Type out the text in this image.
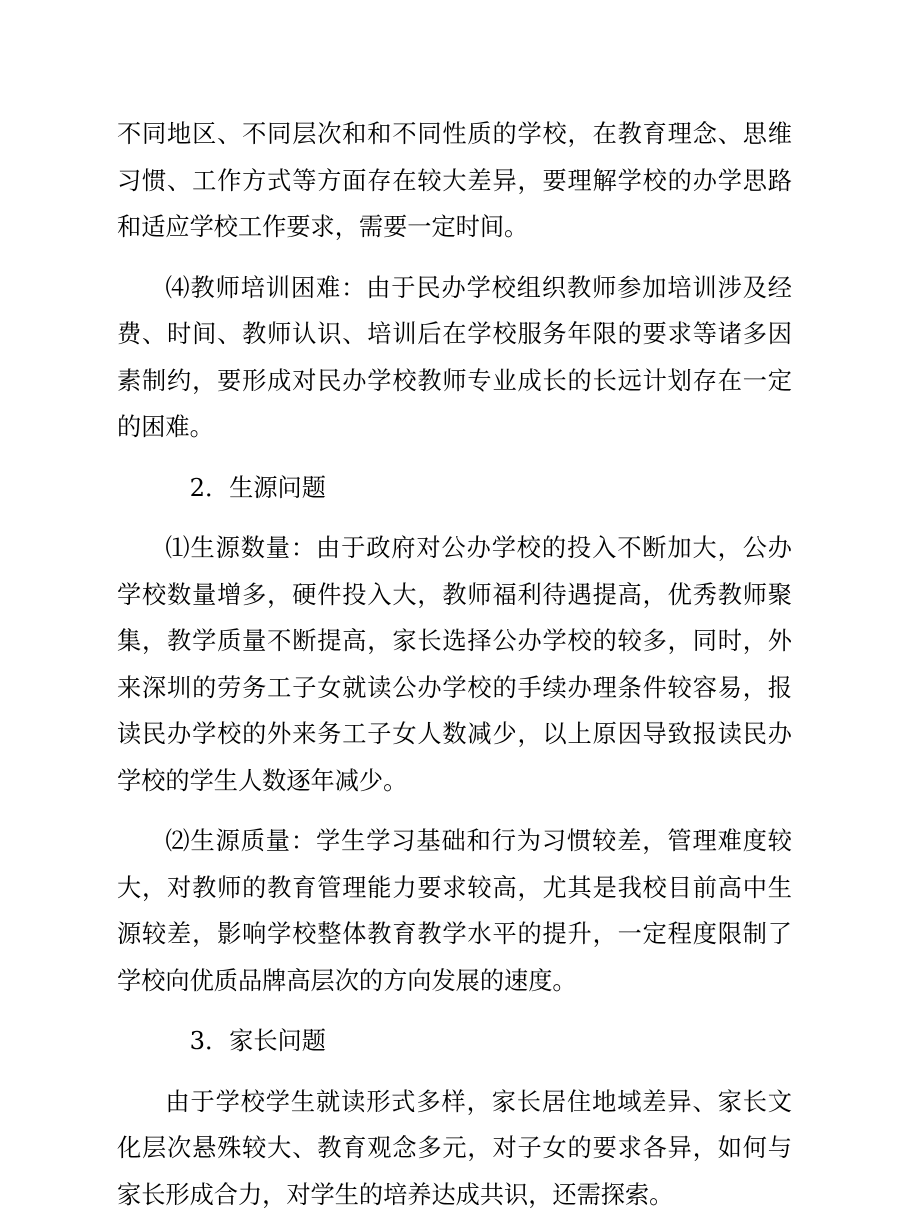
不同地区、不同层次和和不同性质的学校，在教育理念、思维习惯、工作方式等方面存在较大差异，要理解学校的办学思路和适应学校工作要求，需要一定时间。

⑷教师培训困难：由于民办学校组织教师参加培训涉及经费、时间、教师认识、培训后在学校服务年限的要求等诸多因素制约，要形成对民办学校教师专业成长的长远计划存在一定的困难。

2．生源问题

⑴生源数量：由于政府对公办学校的投入不断加大，公办学校数量增多，硬件投入大，教师福利待遇提高，优秀教师聚集，教学质量不断提高，家长选择公办学校的较多，同时，外来深圳的劳务工子女就读公办学校的手续办理条件较容易，报读民办学校的外来务工子女人数减少，以上原因导致报读民办学校的学生人数逐年减少。

⑵生源质量：学生学习基础和行为习惯较差，管理难度较大，对教师的教育管理能力要求较高，尤其是我校目前高中生源较差，影响学校整体教育教学水平的提升，一定程度限制了学校向优质品牌高层次的方向发展的速度。

3．家长问题

由于学校学生就读形式多样，家长居住地域差异、家长文化层次悬殊较大、教育观念多元，对子女的要求各异，如何与家长形成合力，对学生的培养达成共识，还需探索。
